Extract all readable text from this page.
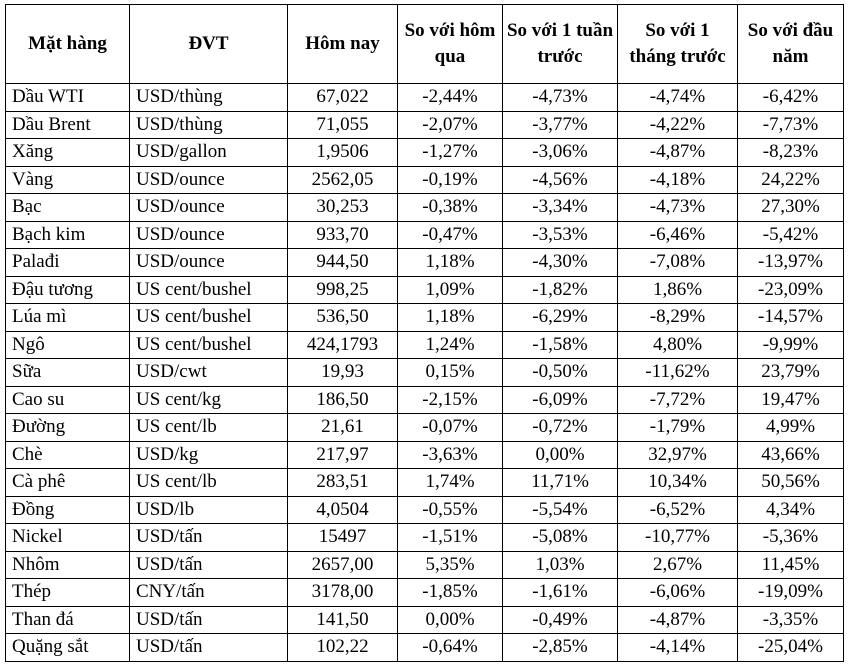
Mặt hàng	ĐVT	Hôm nay	So với hôm qua	So với 1 tuần trước	So với 1 tháng trước	So với đầu năm
Dầu WTI	USD/thùng	67,022	-2,44%	-4,73%	-4,74%	-6,42%
Dầu Brent	USD/thùng	71,055	-2,07%	-3,77%	-4,22%	-7,73%
Xăng	USD/gallon	1,9506	-1,27%	-3,06%	-4,87%	-8,23%
Vàng	USD/ounce	2562,05	-0,19%	-4,56%	-4,18%	24,22%
Bạc	USD/ounce	30,253	-0,38%	-3,34%	-4,73%	27,30%
Bạch kim	USD/ounce	933,70	-0,47%	-3,53%	-6,46%	-5,42%
Palađi	USD/ounce	944,50	1,18%	-4,30%	-7,08%	-13,97%
Đậu tương	US cent/bushel	998,25	1,09%	-1,82%	1,86%	-23,09%
Lúa mì	US cent/bushel	536,50	1,18%	-6,29%	-8,29%	-14,57%
Ngô	US cent/bushel	424,1793	1,24%	-1,58%	4,80%	-9,99%
Sữa	USD/cwt	19,93	0,15%	-0,50%	-11,62%	23,79%
Cao su	US cent/kg	186,50	-2,15%	-6,09%	-7,72%	19,47%
Đường	US cent/lb	21,61	-0,07%	-0,72%	-1,79%	4,99%
Chè	USD/kg	217,97	-3,63%	0,00%	32,97%	43,66%
Cà phê	US cent/lb	283,51	1,74%	11,71%	10,34%	50,56%
Đồng	USD/lb	4,0504	-0,55%	-5,54%	-6,52%	4,34%
Nickel	USD/tấn	15497	-1,51%	-5,08%	-10,77%	-5,36%
Nhôm	USD/tấn	2657,00	5,35%	1,03%	2,67%	11,45%
Thép	CNY/tấn	3178,00	-1,85%	-1,61%	-6,06%	-19,09%
Than đá	USD/tấn	141,50	0,00%	-0,49%	-4,87%	-3,35%
Quặng sắt	USD/tấn	102,22	-0,64%	-2,85%	-4,14%	-25,04%
